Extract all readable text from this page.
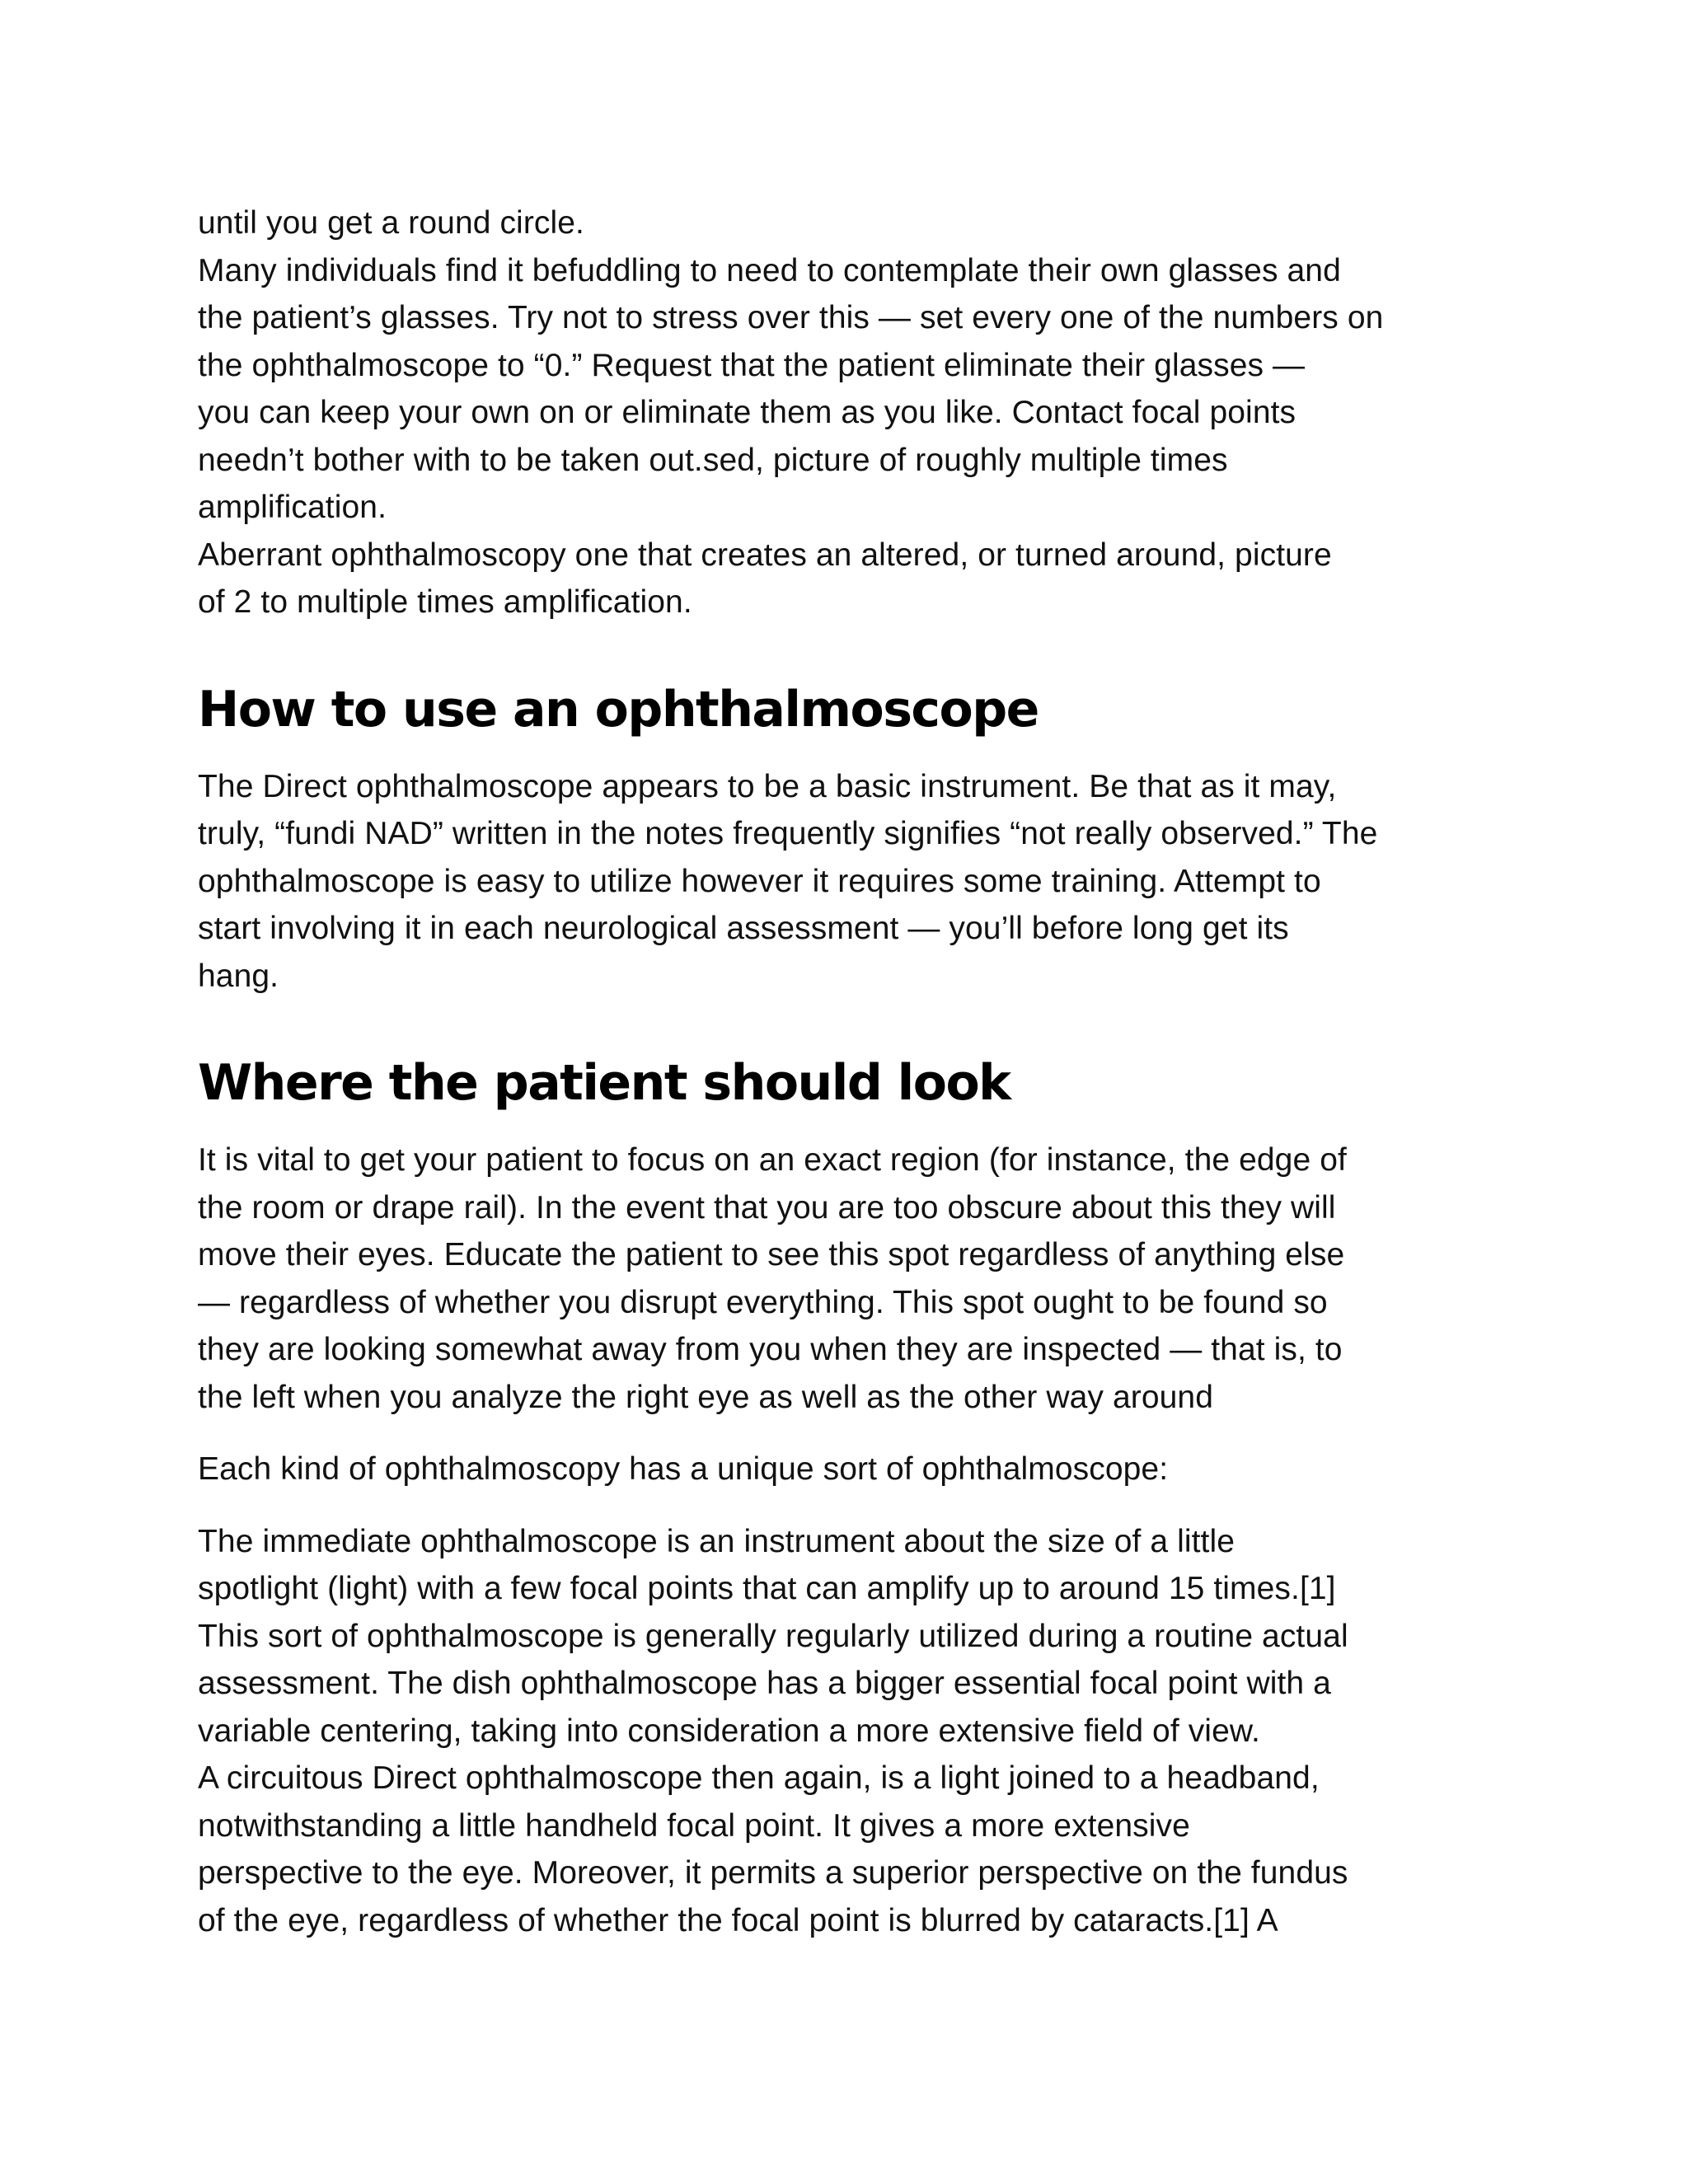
until you get a round circle.
Many individuals find it befuddling to need to contemplate their own glasses and
the patient’s glasses. Try not to stress over this — set every one of the numbers on
the ophthalmoscope to “0.” Request that the patient eliminate their glasses —
you can keep your own on or eliminate them as you like. Contact focal points
needn’t bother with to be taken out.sed, picture of roughly multiple times
amplification.
Aberrant ophthalmoscopy one that creates an altered, or turned around, picture
of 2 to multiple times amplification.

How to use an ophthalmoscope

The Direct ophthalmoscope appears to be a basic instrument. Be that as it may,
truly, “fundi NAD” written in the notes frequently signifies “not really observed.” The
ophthalmoscope is easy to utilize however it requires some training. Attempt to
start involving it in each neurological assessment — you’ll before long get its
hang.

Where the patient should look

It is vital to get your patient to focus on an exact region (for instance, the edge of
the room or drape rail). In the event that you are too obscure about this they will
move their eyes. Educate the patient to see this spot regardless of anything else
— regardless of whether you disrupt everything. This spot ought to be found so
they are looking somewhat away from you when they are inspected — that is, to
the left when you analyze the right eye as well as the other way around

Each kind of ophthalmoscopy has a unique sort of ophthalmoscope:

The immediate ophthalmoscope is an instrument about the size of a little
spotlight (light) with a few focal points that can amplify up to around 15 times.[1]
This sort of ophthalmoscope is generally regularly utilized during a routine actual
assessment. The dish ophthalmoscope has a bigger essential focal point with a
variable centering, taking into consideration a more extensive field of view.
A circuitous Direct ophthalmoscope then again, is a light joined to a headband,
notwithstanding a little handheld focal point. It gives a more extensive
perspective to the eye. Moreover, it permits a superior perspective on the fundus
of the eye, regardless of whether the focal point is blurred by cataracts.[1] A
